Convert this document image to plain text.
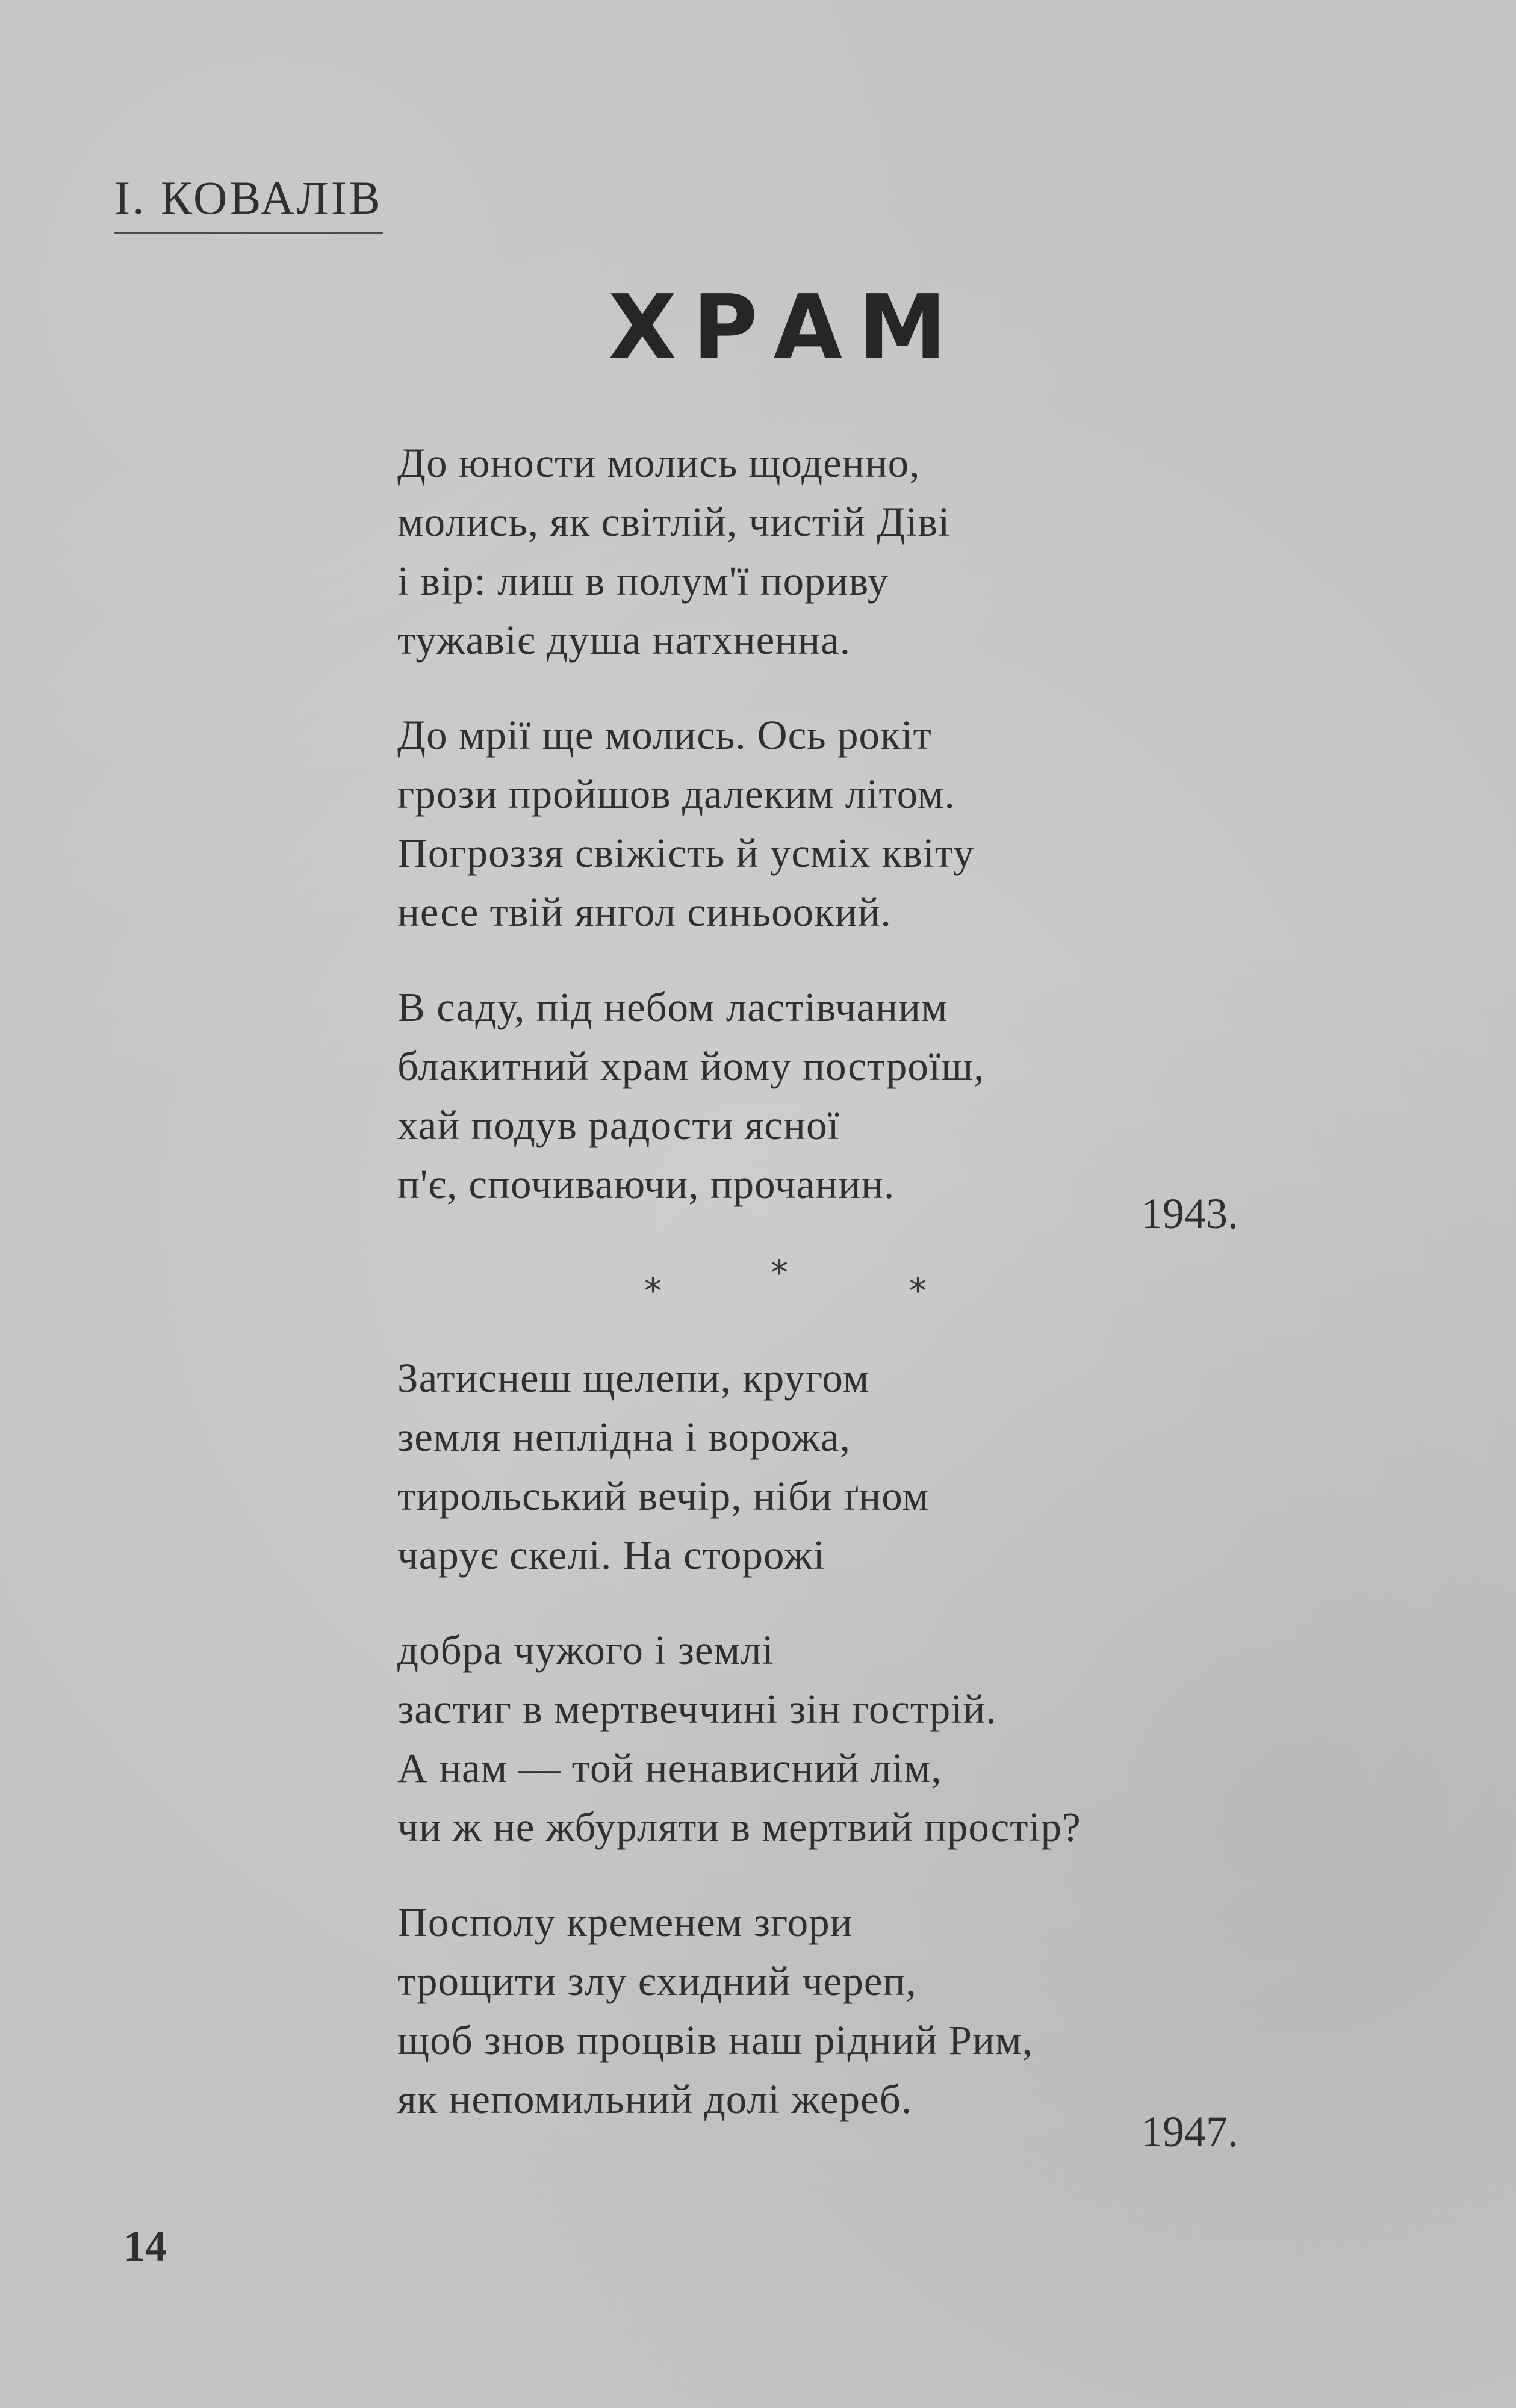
І. КОВАЛІВ
ХРАМ
До юности молись щоденно,
молись, як світлій, чистій Діві
і вір: лиш в полум'ї пориву
тужавіє душа натхненна.
До мрії ще молись. Ось рокіт
грози пройшов далеким літом.
Погроззя свіжість й усміх квіту
несе твій янгол синьоокий.
В саду, під небом ластівчаним
блакитний храм йому построїш,
хай подув радости ясної
п'є, спочиваючи, прочанин.
1943.
*	*	*
Затиснеш щелепи, кругом
земля неплідна і ворожа,
тирольський вечір, ніби ґном
чарує скелі. На сторожі
добра чужого і землі
застиг в мертвеччині зін гострій.
А нам — той ненависний лім,
чи ж не жбурляти в мертвий простір?
Посполу кременем згори
трощити злу єхидний череп,
щоб знов процвів наш рідний Рим,
як непомильний долі жереб.
1947.
14
